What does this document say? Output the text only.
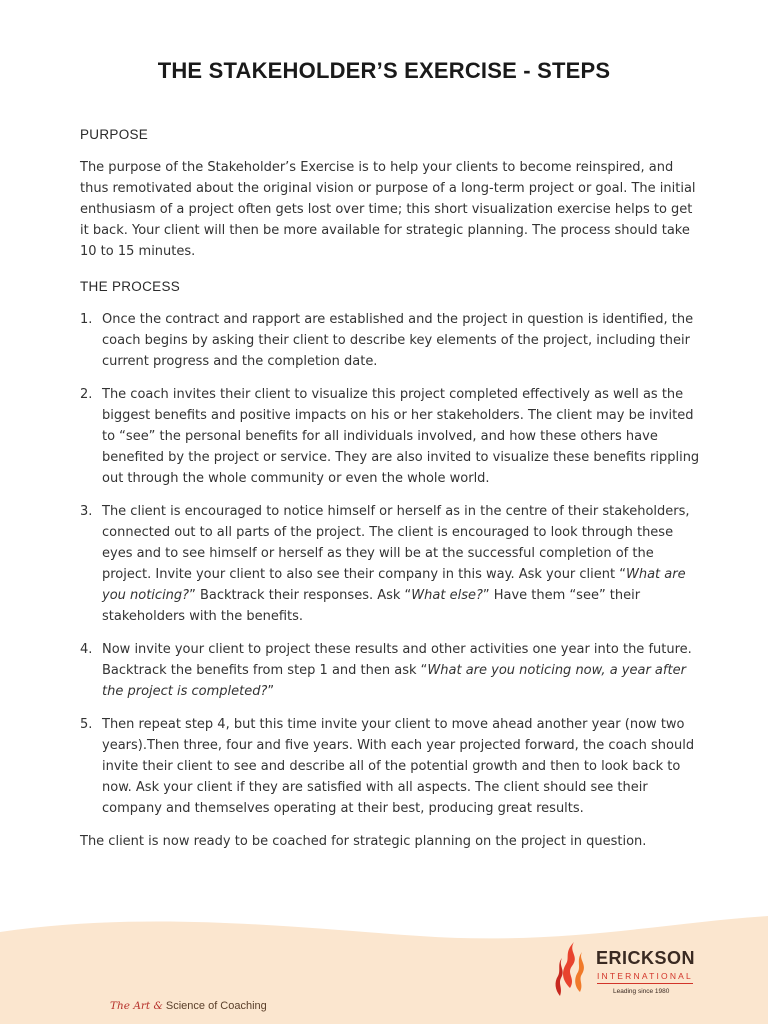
THE STAKEHOLDER’S EXERCISE - STEPS
PURPOSE

The purpose of the Stakeholder’s Exercise is to help your clients to become reinspired, and thus remotivated about the original vision or purpose of a long-term project or goal. The initial enthusiasm of a project often gets lost over time; this short visualization exercise helps to get it back. Your client will then be more available for strategic planning. The process should take 10 to 15 minutes.

THE PROCESS
1. Once the contract and rapport are established and the project in question is identified, the coach begins by asking their client to describe key elements of the project, including their current progress and the completion date.
2. The coach invites their client to visualize this project completed effectively as well as the biggest benefits and positive impacts on his or her stakeholders. The client may be invited to “see” the personal benefits for all individuals involved, and how these others have benefited by the project or service. They are also invited to visualize these benefits rippling out through the whole community or even the whole world.
3. The client is encouraged to notice himself or herself as in the centre of their stakeholders, connected out to all parts of the project. The client is encouraged to look through these eyes and to see himself or herself as they will be at the successful completion of the project. Invite your client to also see their company in this way. Ask your client “What are you noticing?” Backtrack their responses. Ask “What else?” Have them “see” their stakeholders with the benefits.
4. Now invite your client to project these results and other activities one year into the future. Backtrack the benefits from step 1 and then ask “What are you noticing now, a year after the project is completed?”
5. Then repeat step 4, but this time invite your client to move ahead another year (now two years).Then three, four and five years. With each year projected forward, the coach should invite their client to see and describe all of the potential growth and then to look back to now. Ask your client if they are satisfied with all aspects. The client should see their company and themselves operating at their best, producing great results.

The client is now ready to be coached for strategic planning on the project in question.

The Art & Science of Coaching
ERICKSON
INTERNATIONAL
Leading since 1980
